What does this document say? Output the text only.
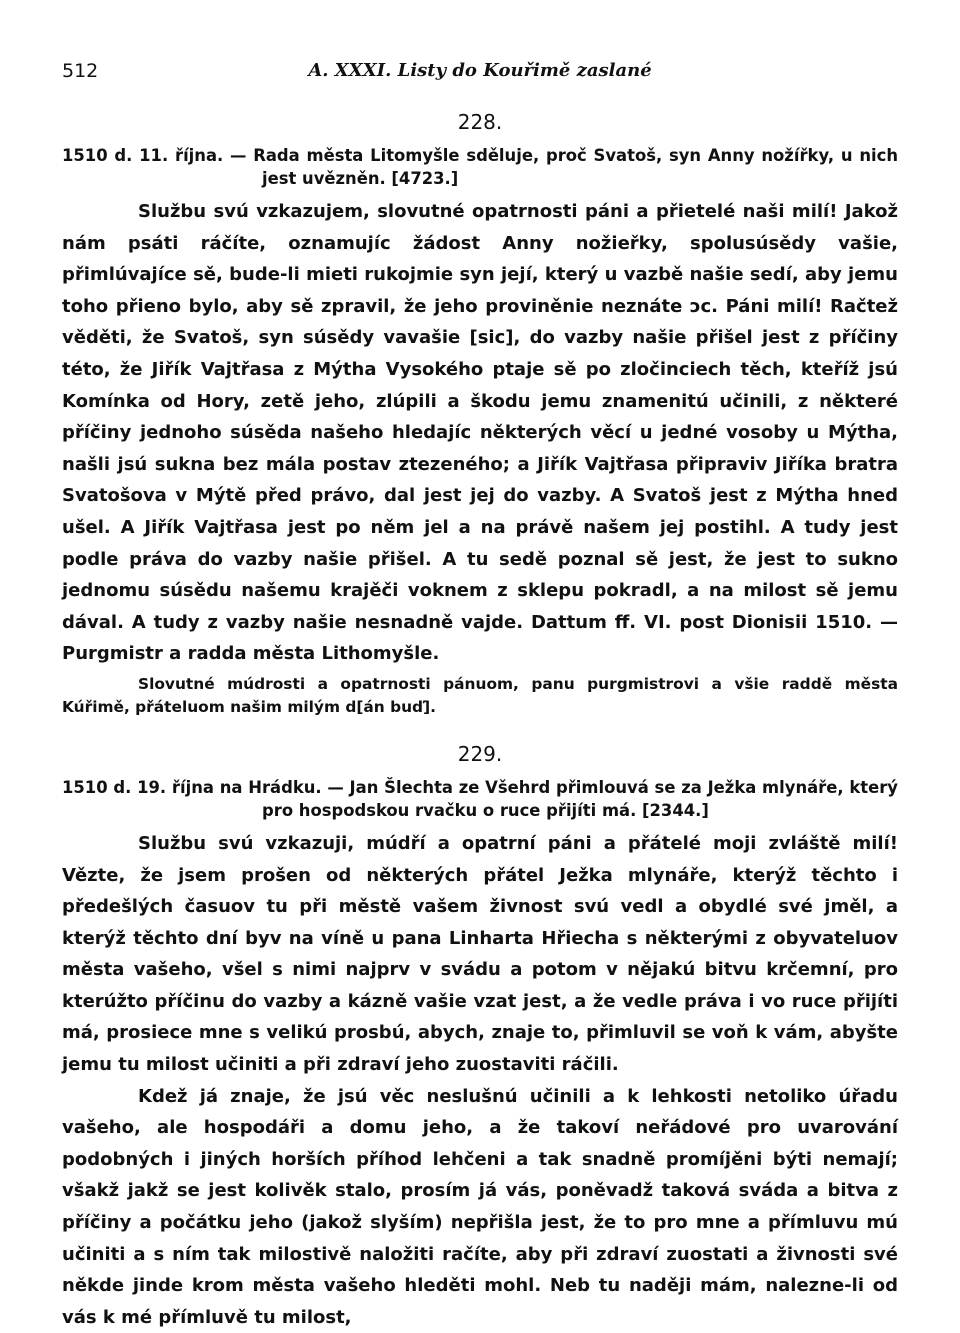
512	A. XXXI. Listy do Kouřimě zaslané
228.
1510 d. 11. října. — Rada města Litomyšle sděluje, proč Svatoš, syn Anny nožířky, u nich jest uvězněn. [4723.]

Službu svú vzkazujem, slovutné opatrnosti páni a přietelé naši milí! Jakož nám psáti ráčíte, oznamujíc žádost Anny nožieřky, spolusúsědy vašie, přimlúvajíce sě, bude-li mieti rukojmie syn její, který u vazbě našie sedí, aby jemu toho přieno bylo, aby sě zpravil, že jeho proviněnie neznáte ɔc. Páni milí! Račtež věděti, že Svatoš, syn súsědy vavašie [sic], do vazby našie přišel jest z příčiny této, že Jiřík Vajtřasa z Mýtha Vysokého ptaje sě po zločinciech těch, kteříž jsú Komínka od Hory, zetě jeho, zlúpili a škodu jemu znamenitú učinili, z některé příčiny jednoho súsěda našeho hledajíc některých věcí u jedné vosoby u Mýtha, našli jsú sukna bez mála postav ztezeného; a Jiřík Vajtřasa připraviv Jiříka bratra Svatošova v Mýtě před právo, dal jest jej do vazby. A Svatoš jest z Mýtha hned ušel. A Jiřík Vajtřasa jest po něm jel a na právě našem jej postihl. A tudy jest podle práva do vazby našie přišel. A tu sedě poznal sě jest, že jest to sukno jednomu súsědu našemu krajěči voknem z sklepu pokradl, a na milost sě jemu dával. A tudy z vazby našie nesnadně vajde. Dattum ff. VI. post Dionisii 1510. — Purgmistr a radda města Lithomyšle.

Slovutné múdrosti a opatrnosti pánuom, panu purgmistrovi a všie raddě města Kúřimě, přáteluom našim milým d[án buď].
229.
1510 d. 19. října na Hrádku. — Jan Šlechta ze Všehrd přimlouvá se za Ježka mlynáře, který pro hospodskou rvačku o ruce přijíti má. [2344.]

Službu svú vzkazuji, múdří a opatrní páni a přátelé moji zvláště milí! Vězte, že jsem prošen od některých přátel Ježka mlynáře, kterýž těchto i předešlých časuov tu při městě vašem živnost svú vedl a obydlé své jměl, a kterýž těchto dní byv na víně u pana Linharta Hřiecha s některými z obyvateluov města vašeho, všel s nimi najprv v svádu a potom v nějakú bitvu krčemní, pro kterúžto příčinu do vazby a kázně vašie vzat jest, a že vedle práva i vo ruce přijíti má, prosiece mne s velikú prosbú, abych, znaje to, přimluvil se voň k vám, abyšte jemu tu milost učiniti a při zdraví jeho zuostaviti ráčili.

Kdež já znaje, že jsú věc neslušnú učinili a k lehkosti netoliko úřadu vašeho, ale hospodáři a domu jeho, a že takoví neřádové pro uvarování podobných i jiných horších příhod lehčeni a tak snadně promíjěni býti nemají; všakž jakž se jest kolivěk stalo, prosím já vás, poněvadž taková sváda a bitva z příčiny a počátku jeho (jakož slyším) nepřišla jest, že to pro mne a přímluvu mú učiniti a s ním tak milostivě naložiti račíte, aby při zdraví zuostati a živnosti své někde jinde krom města vašeho hleděti mohl. Neb tu naději mám, nalezne-li od vás k mé přímluvě tu milost,
